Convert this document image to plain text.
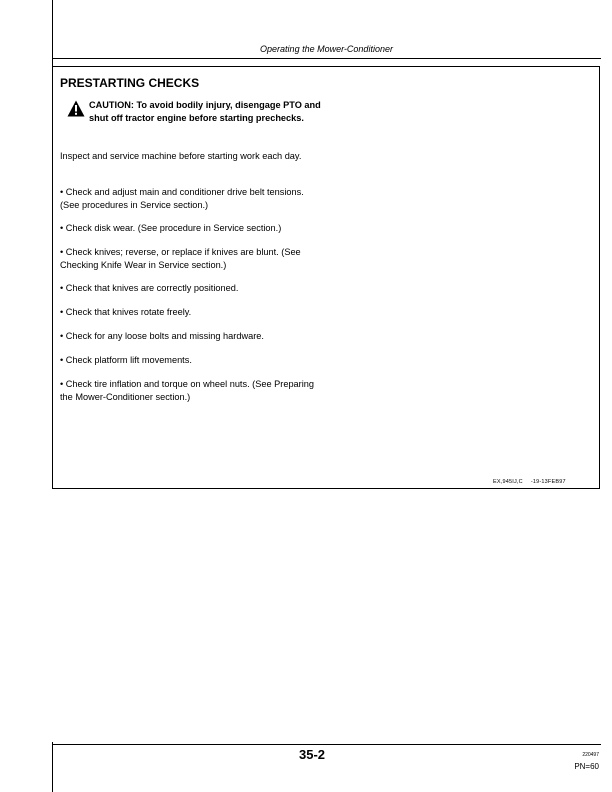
Operating the Mower-Conditioner
PRESTARTING CHECKS
CAUTION: To avoid bodily injury, disengage PTO and shut off tractor engine before starting prechecks.
Inspect and service machine before starting work each day.
• Check and adjust main and conditioner drive belt tensions. (See procedures in Service section.)
• Check disk wear. (See procedure in Service section.)
• Check knives; reverse, or replace if knives are blunt. (See Checking Knife Wear in Service section.)
• Check that knives are correctly positioned.
• Check that knives rotate freely.
• Check for any loose bolts and missing hardware.
• Check platform lift movements.
• Check tire inflation and torque on wheel nuts. (See Preparing the Mower-Conditioner section.)
EX,945IJ,C -19-13FEB97
35-2	220497
PN=60
